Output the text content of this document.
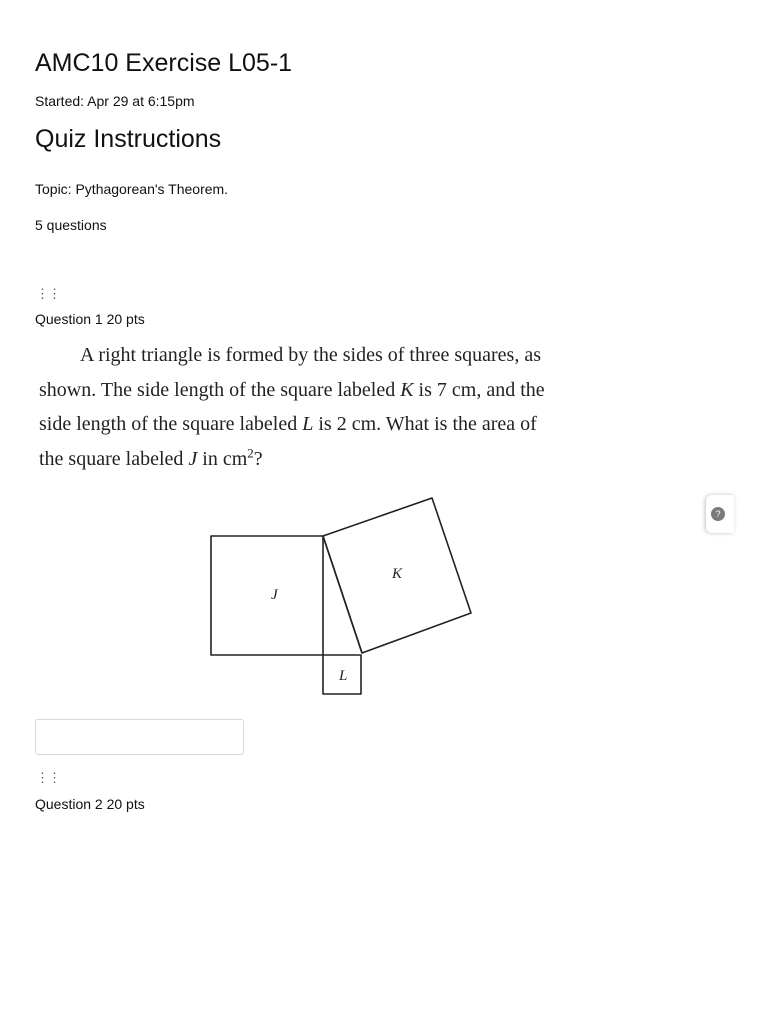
AMC10 Exercise L05-1
Started: Apr 29 at 6:15pm
Quiz Instructions
Topic: Pythagorean's Theorem.
5 questions
⋮⋮
Question 1 20 pts
A right triangle is formed by the sides of three squares, as
shown. The side length of the square labeled K is 7 cm, and the
side length of the square labeled L is 2 cm. What is the area of
the square labeled J in $cm^2$?
J
K
L
⋮⋮
Question 2 20 pts
?
